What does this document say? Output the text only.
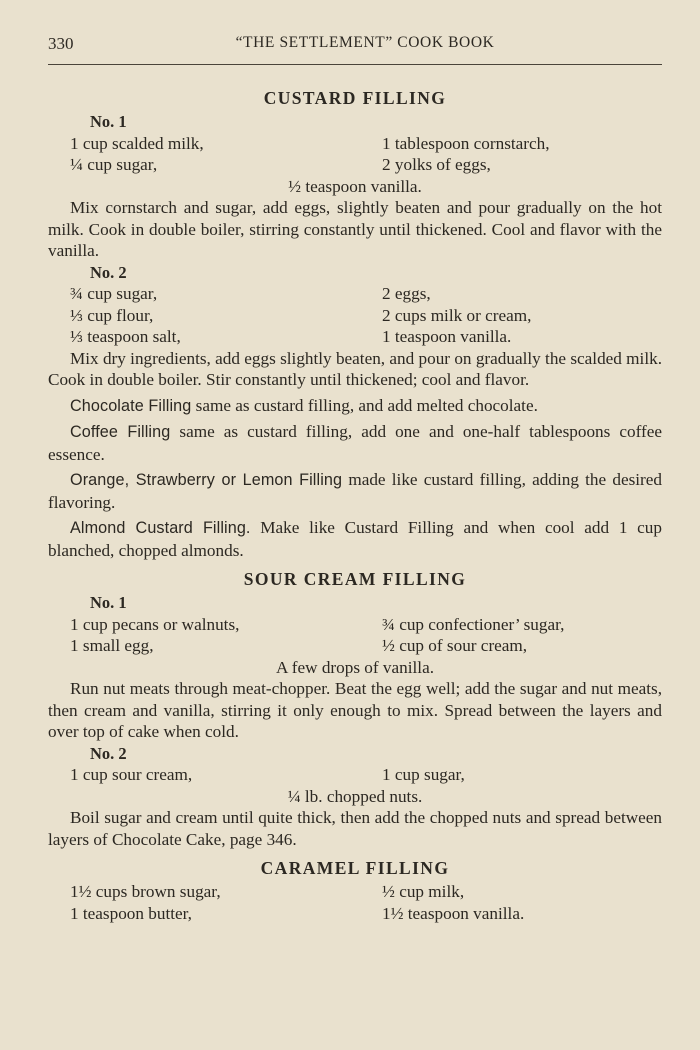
330	“THE SETTLEMENT” COOK BOOK
CUSTARD FILLING
No. 1
1 cup scalded milk,	1 tablespoon cornstarch,
¼ cup sugar,	2 yolks of eggs,
½ teaspoon vanilla.
Mix cornstarch and sugar, add eggs, slightly beaten and pour gradually on the hot milk. Cook in double boiler, stirring constantly until thickened. Cool and flavor with the vanilla.
No. 2
¾ cup sugar,	2 eggs,
⅓ cup flour,	2 cups milk or cream,
⅓ teaspoon salt,	1 teaspoon vanilla.
Mix dry ingredients, add eggs slightly beaten, and pour on gradually the scalded milk. Cook in double boiler. Stir constantly until thickened; cool and flavor.
Chocolate Filling same as custard filling, and add melted chocolate.
Coffee Filling same as custard filling, add one and one-half tablespoons coffee essence.
Orange, Strawberry or Lemon Filling made like custard filling, adding the desired flavoring.
Almond Custard Filling. Make like Custard Filling and when cool add 1 cup blanched, chopped almonds.
SOUR CREAM FILLING
No. 1
1 cup pecans or walnuts,	¾ cup confectioner’ sugar,
1 small egg,	½ cup of sour cream,
A few drops of vanilla.
Run nut meats through meat-chopper. Beat the egg well; add the sugar and nut meats, then cream and vanilla, stirring it only enough to mix. Spread between the layers and over top of cake when cold.
No. 2
1 cup sour cream,	1 cup sugar,
¼ lb. chopped nuts.
Boil sugar and cream until quite thick, then add the chopped nuts and spread between layers of Chocolate Cake, page 346.
CARAMEL FILLING
1½ cups brown sugar,	½ cup milk,
1 teaspoon butter,	1½ teaspoon vanilla.
